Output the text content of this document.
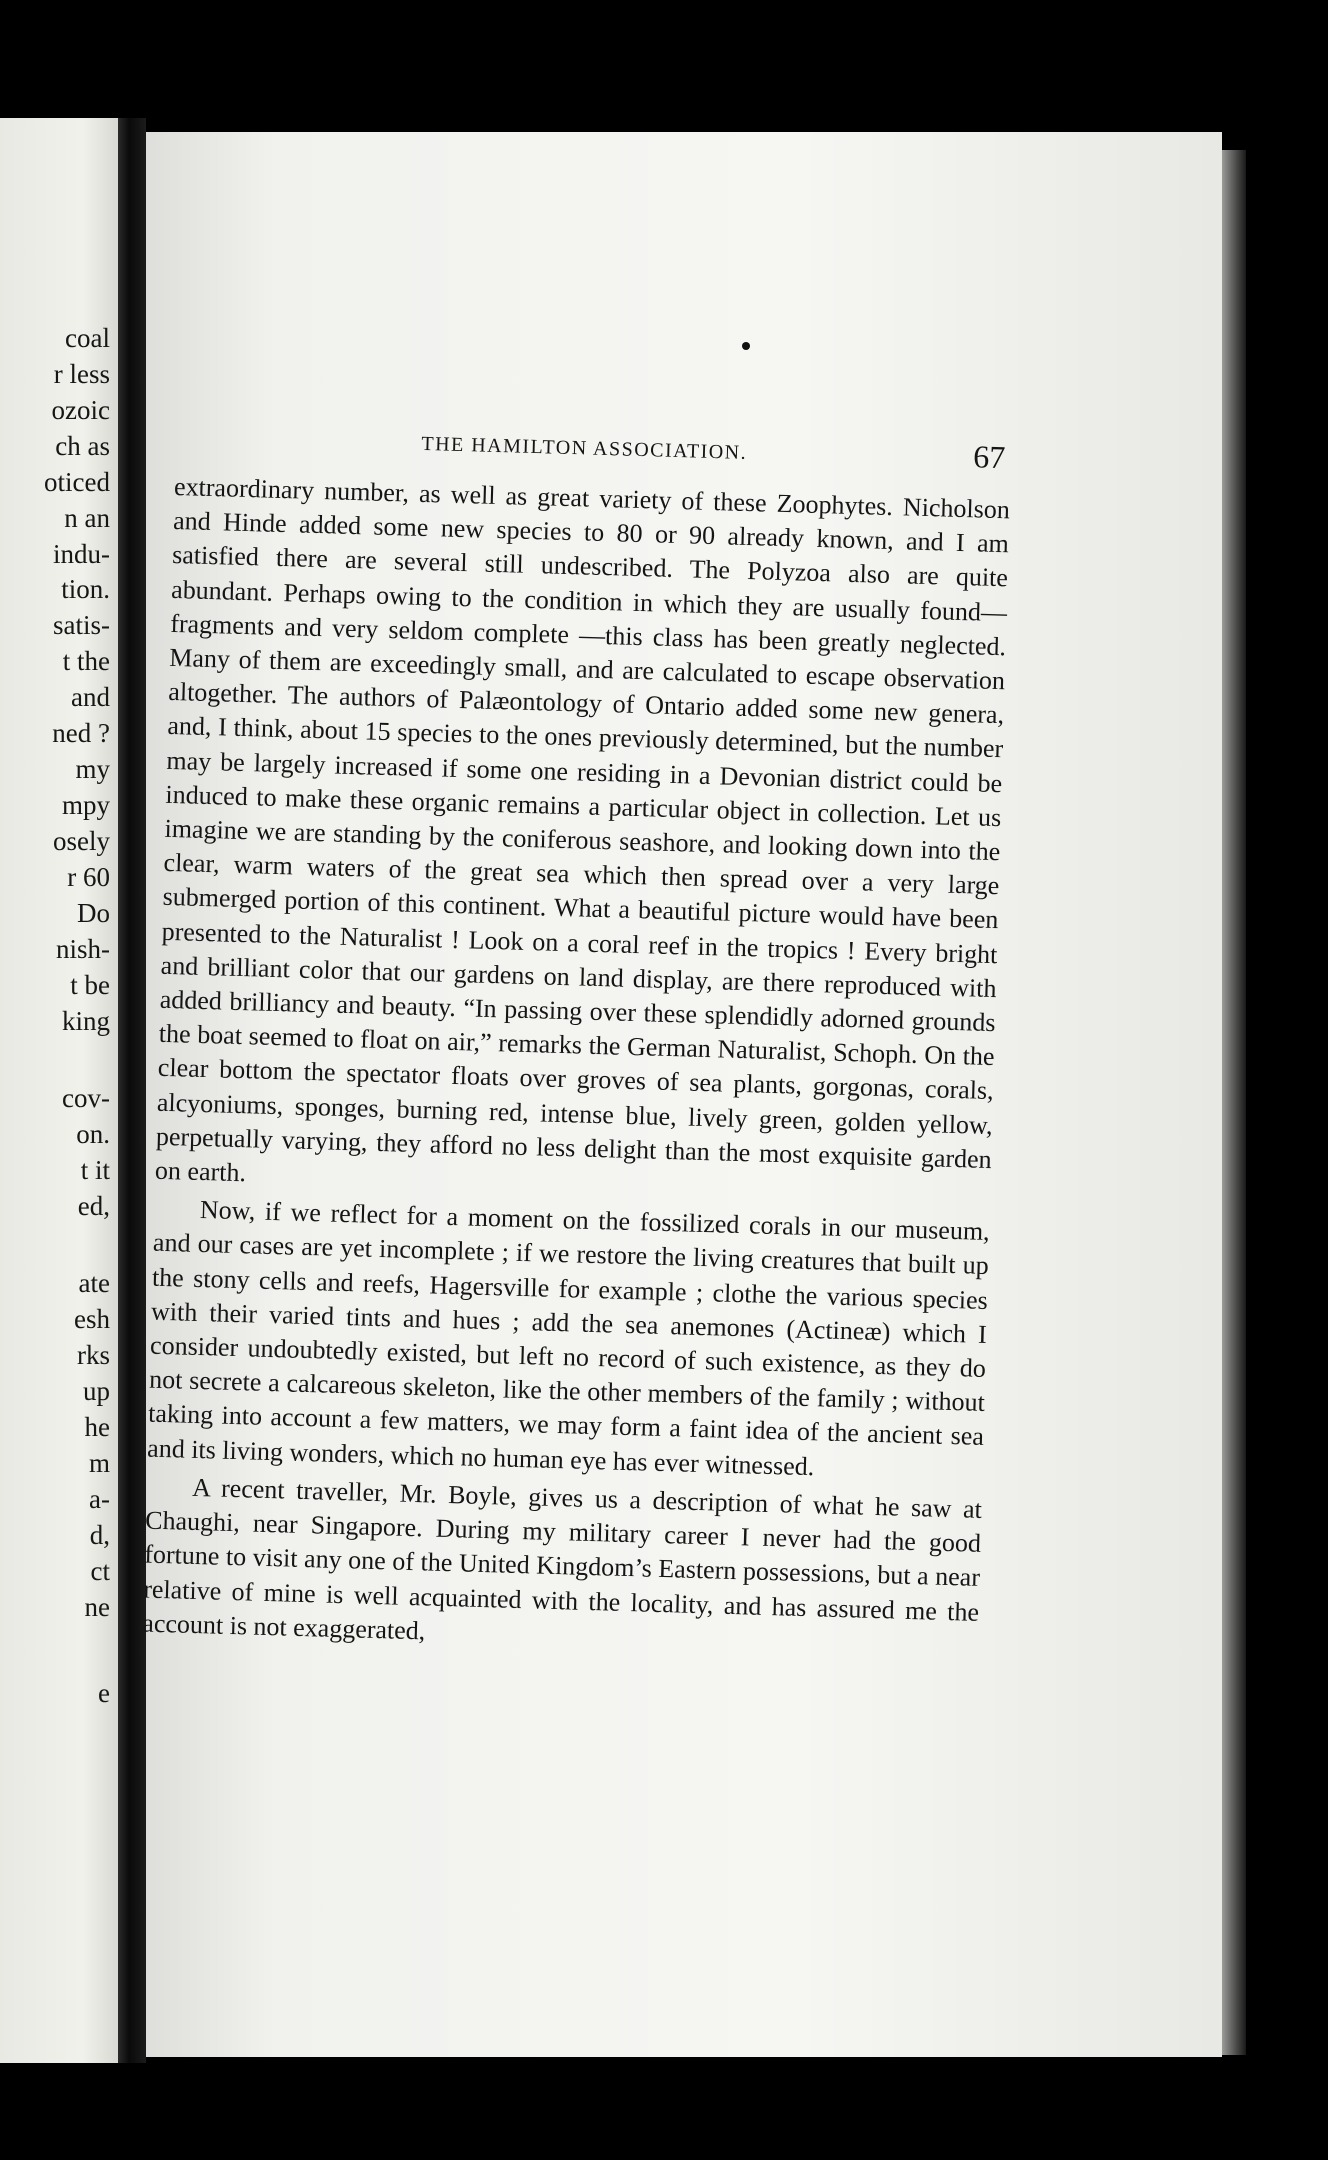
coal
r less
ozoic
ch as
oticed
n an
indu-
tion.
satis-
t the
and
ned ?
my
mpy
osely
r 60
Do
nish-
t be
king
cov-
on.
t it
ed,
ate
esh
rks
up
he
m
a-
d,
ct
ne
e
THE HAMILTON ASSOCIATION.	67

extraordinary number, as well as great variety of these Zoophytes. Nicholson and Hinde added some new species to 80 or 90 already known, and I am satisfied there are several still undescribed. The Polyzoa also are quite abundant. Perhaps owing to the condition in which they are usually found—fragments and very seldom complete —this class has been greatly neglected. Many of them are exceedingly small, and are calculated to escape observation altogether. The authors of Palæontology of Ontario added some new genera, and, I think, about 15 species to the ones previously determined, but the number may be largely increased if some one residing in a Devonian district could be induced to make these organic remains a particular object in collection. Let us imagine we are standing by the coniferous seashore, and looking down into the clear, warm waters of the great sea which then spread over a very large submerged portion of this continent. What a beautiful picture would have been presented to the Naturalist ! Look on a coral reef in the tropics ! Every bright and brilliant color that our gardens on land display, are there reproduced with added brilliancy and beauty. “In passing over these splendidly adorned grounds the boat seemed to float on air,” remarks the German Naturalist, Schoph. On the clear bottom the spectator floats over groves of sea plants, gorgonas, corals, alcyoniums, sponges, burning red, intense blue, lively green, golden yellow, perpetually varying, they afford no less delight than the most exquisite garden on earth.

Now, if we reflect for a moment on the fossilized corals in our museum, and our cases are yet incomplete ; if we restore the living creatures that built up the stony cells and reefs, Hagersville for example ; clothe the various species with their varied tints and hues ; add the sea anemones (Actineæ) which I consider undoubtedly existed, but left no record of such existence, as they do not secrete a calcareous skeleton, like the other members of the family ; without taking into account a few matters, we may form a faint idea of the ancient sea and its living wonders, which no human eye has ever witnessed.

A recent traveller, Mr. Boyle, gives us a description of what he saw at Chaughi, near Singapore. During my military career I never had the good fortune to visit any one of the United Kingdom’s Eastern possessions, but a near relative of mine is well acquainted with the locality, and has assured me the account is not exaggerated,
